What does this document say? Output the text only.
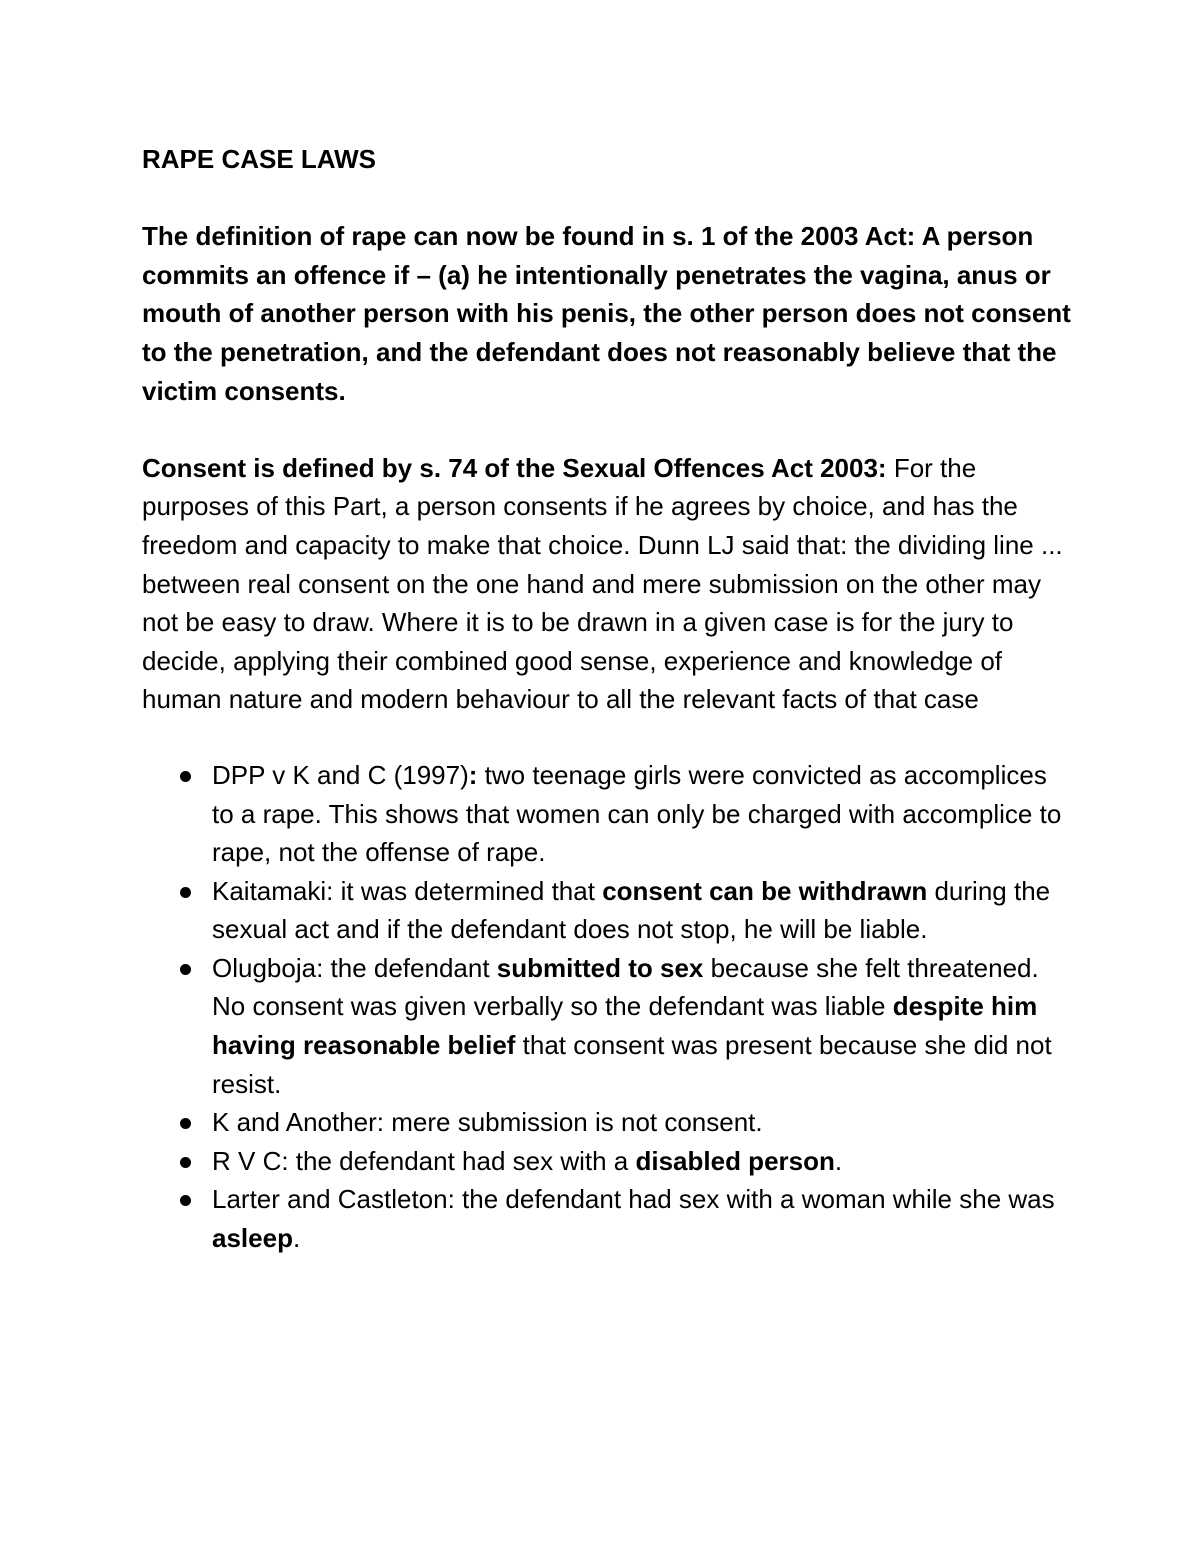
RAPE CASE LAWS

The definition of rape can now be found in s. 1 of the 2003 Act: A person commits an offence if – (a) he intentionally penetrates the vagina, anus or mouth of another person with his penis, the other person does not consent to the penetration, and the defendant does not reasonably believe that the victim consents.

Consent is defined by s. 74 of the Sexual Offences Act 2003: For the purposes of this Part, a person consents if he agrees by choice, and has the freedom and capacity to make that choice. Dunn LJ said that: the dividing line ... between real consent on the one hand and mere submission on the other may not be easy to draw. Where it is to be drawn in a given case is for the jury to decide, applying their combined good sense, experience and knowledge of human nature and modern behaviour to all the relevant facts of that case

DPP v K and C (1997): two teenage girls were convicted as accomplices to a rape. This shows that women can only be charged with accomplice to rape, not the offense of rape.
Kaitamaki: it was determined that consent can be withdrawn during the sexual act and if the defendant does not stop, he will be liable.
Olugboja: the defendant submitted to sex because she felt threatened. No consent was given verbally so the defendant was liable despite him having reasonable belief that consent was present because she did not resist.
K and Another: mere submission is not consent.
R V C: the defendant had sex with a disabled person.
Larter and Castleton: the defendant had sex with a woman while she was asleep.
